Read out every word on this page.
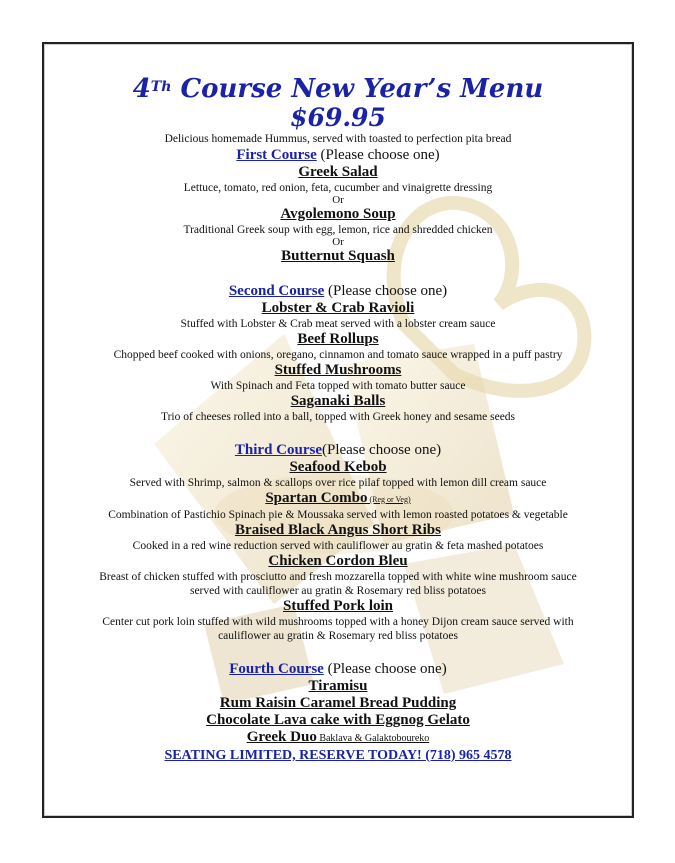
4Th Course New Year’s Menu

$69.95

Delicious homemade Hummus, served with toasted to perfection pita bread

First Course (Please choose one)

Greek Salad

Lettuce, tomato, red onion, feta, cucumber and vinaigrette dressing

Or

Avgolemono Soup

Traditional Greek soup with egg, lemon, rice and shredded chicken

Or

Butternut Squash

Second Course (Please choose one)

Lobster & Crab Ravioli

Stuffed with Lobster & Crab meat served with a lobster cream sauce

Beef Rollups

Chopped beef cooked with onions, oregano, cinnamon and tomato sauce wrapped in a puff pastry

Stuffed Mushrooms

With Spinach and Feta topped with tomato butter sauce

Saganaki Balls

Trio of cheeses rolled into a ball, topped with Greek honey and sesame seeds

Third Course(Please choose one)

Seafood Kebob

Served with Shrimp, salmon & scallops over rice pilaf topped with lemon dill cream sauce

Spartan Combo (Reg or Veg)

Combination of Pastichio Spinach pie & Moussaka served with lemon roasted potatoes & vegetable

Braised Black Angus Short Ribs

Cooked in a red wine reduction served with cauliflower au gratin & feta mashed potatoes

Chicken Cordon Bleu

Breast of chicken stuffed with prosciutto and fresh mozzarella topped with white wine mushroom sauce

served with cauliflower au gratin & Rosemary red bliss potatoes

Stuffed Pork loin

Center cut pork loin stuffed with wild mushrooms topped with a honey Dijon cream sauce served with

cauliflower au gratin & Rosemary red bliss potatoes

Fourth Course (Please choose one)

Tiramisu

Rum Raisin Caramel Bread Pudding

Chocolate Lava cake with Eggnog Gelato

Greek Duo Baklava & Galaktoboureko

SEATING LIMITED, RESERVE TODAY! (718) 965 4578
